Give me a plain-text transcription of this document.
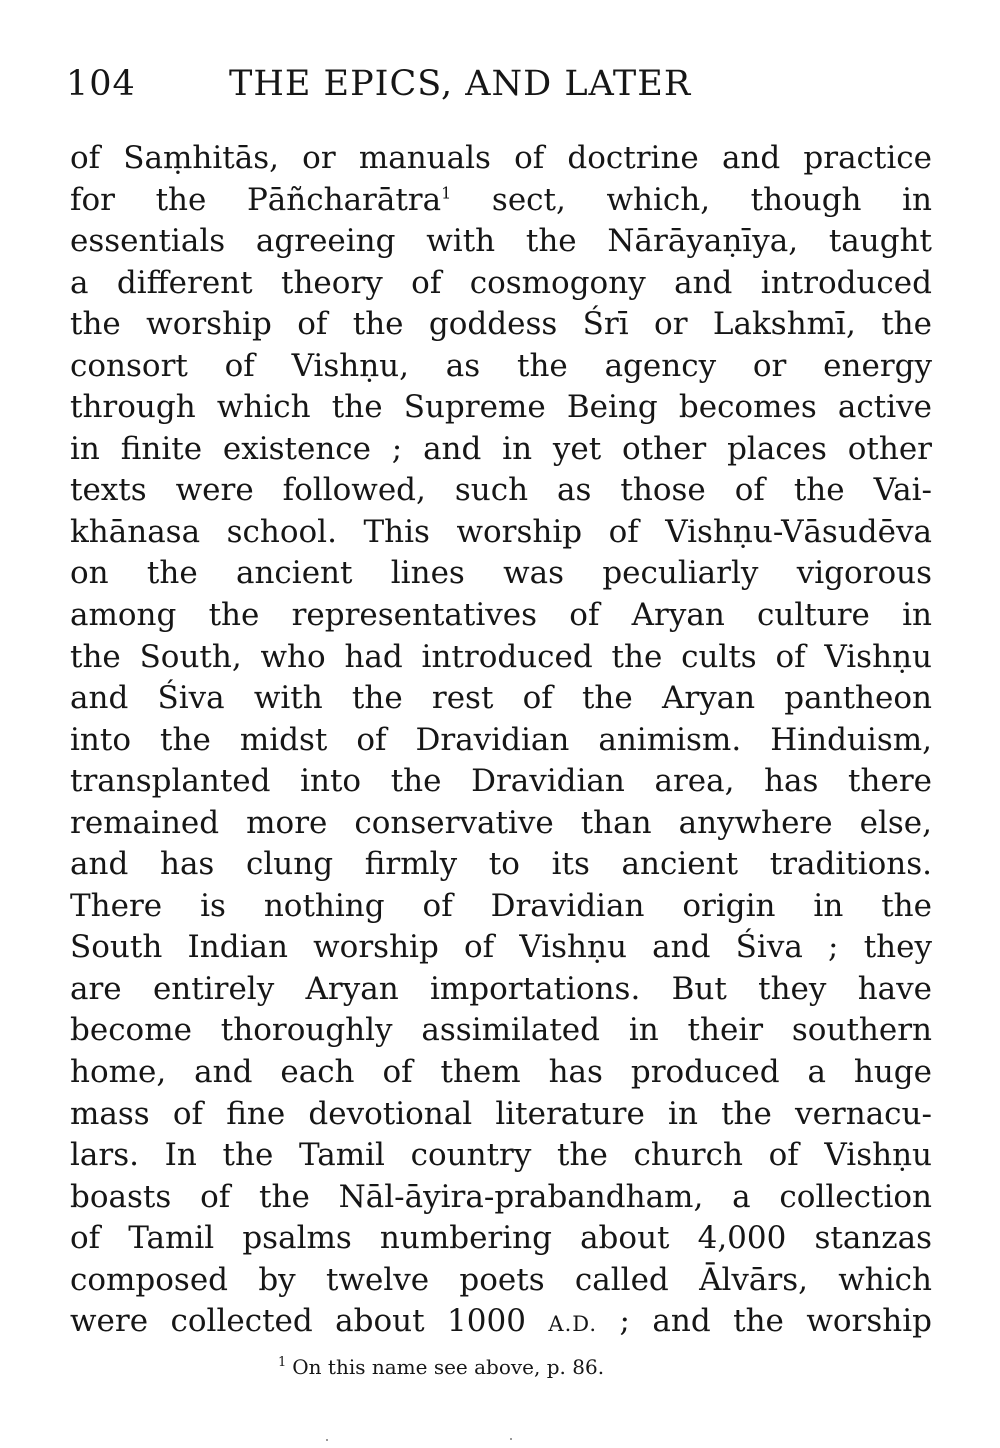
104	THE EPICS, AND LATER
of Saṃhitās, or manuals of doctrine and practice
for the Pāñcharātra$^1$ sect, which, though in
essentials agreeing with the Nārāyaṇīya, taught
a different theory of cosmogony and introduced
the worship of the goddess Śrī or Lakshmī, the
consort of Vishṇu, as the agency or energy
through which the Supreme Being becomes active
in finite existence ; and in yet other places other
texts were followed, such as those of the Vai-
khānasa school. This worship of Vishṇu-Vāsudēva
on the ancient lines was peculiarly vigorous
among the representatives of Aryan culture in
the South, who had introduced the cults of Vishṇu
and Śiva with the rest of the Aryan pantheon
into the midst of Dravidian animism. Hinduism,
transplanted into the Dravidian area, has there
remained more conservative than anywhere else,
and has clung firmly to its ancient traditions.
There is nothing of Dravidian origin in the
South Indian worship of Vishṇu and Śiva ; they
are entirely Aryan importations. But they have
become thoroughly assimilated in their southern
home, and each of them has produced a huge
mass of fine devotional literature in the vernacu-
lars. In the Tamil country the church of Vishṇu
boasts of the Nāl-āyira-prabandham, a collection
of Tamil psalms numbering about 4,000 stanzas
composed by twelve poets called Ālvārs, which
were collected about 1000 A.D. ; and the worship
$^1$ On this name see above, p. 86.
